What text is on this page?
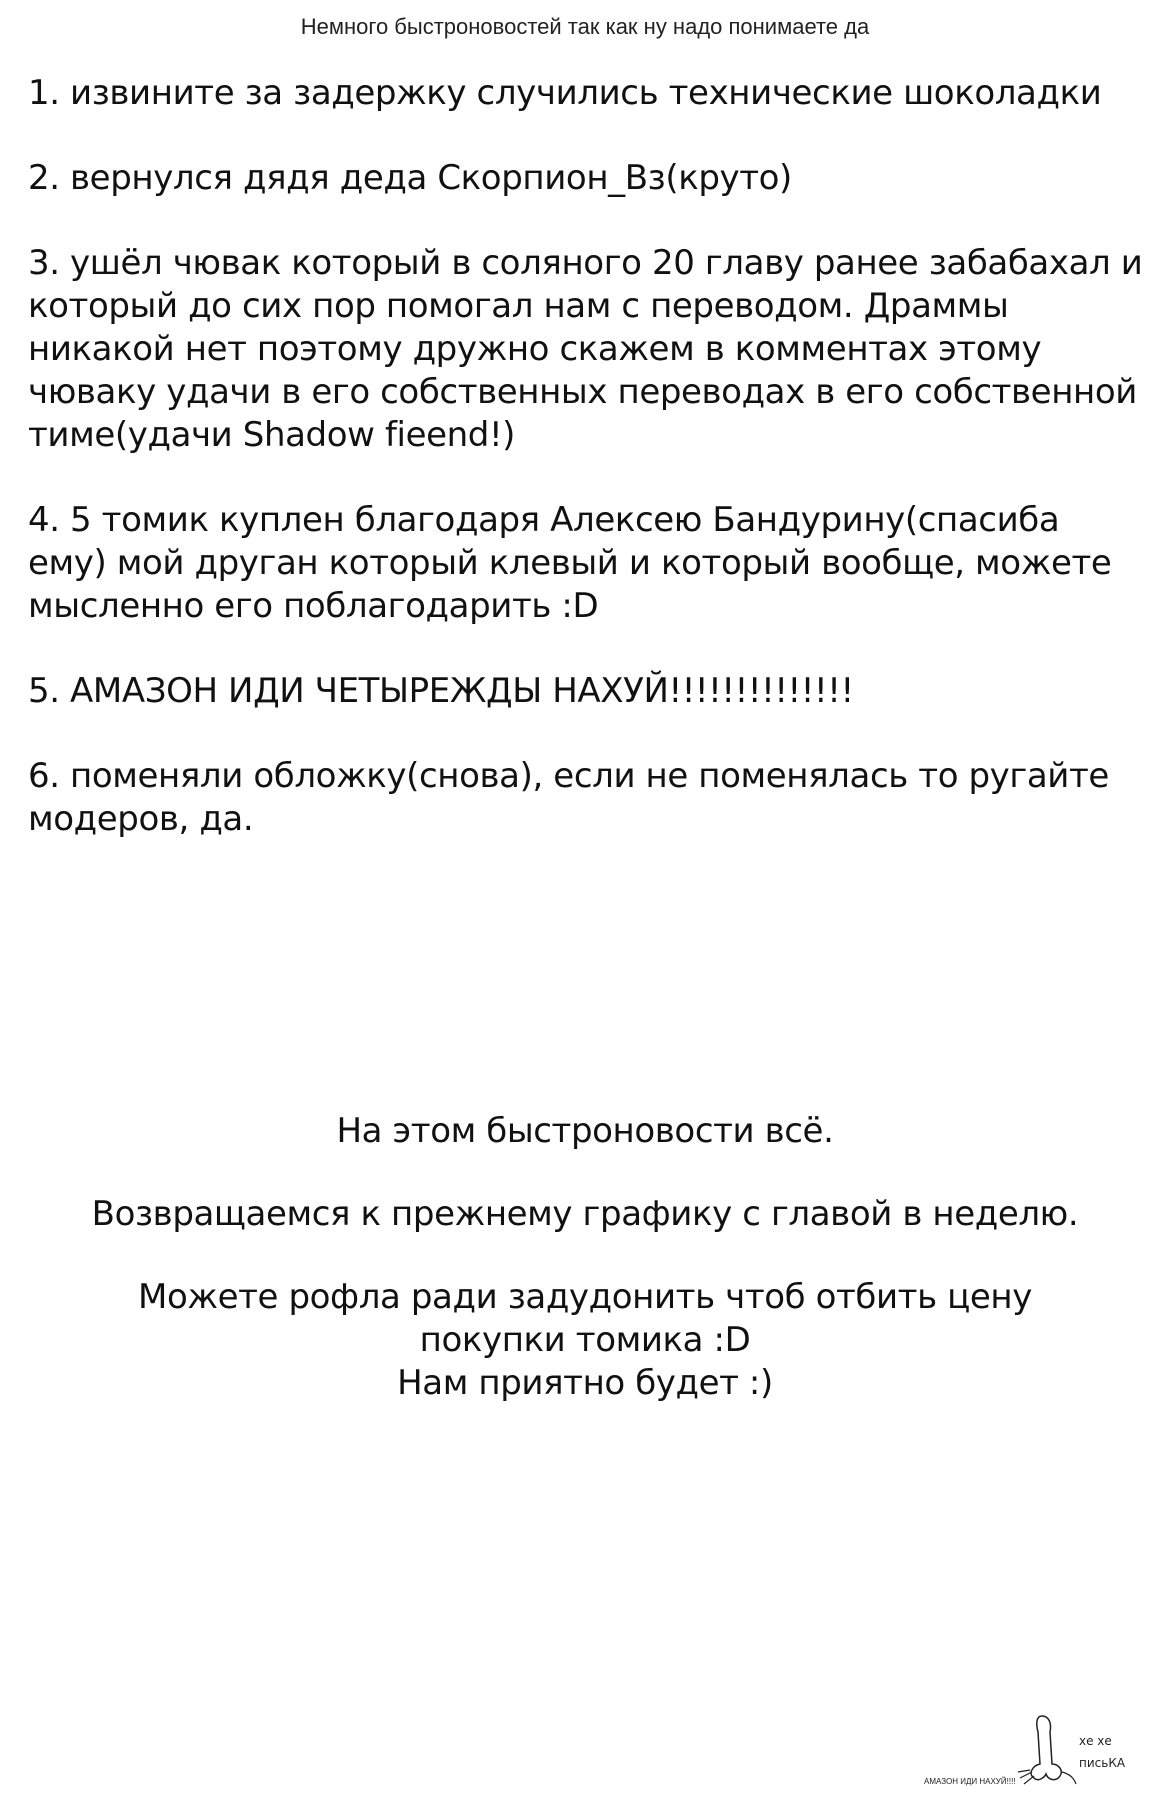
Немного быстроновостей так как ну надо понимаете да
1. извините за задержку случились технические шоколадки
2. вернулся дядя деда Скорпион_Вз(круто)
3. ушёл чювак который в соляного 20 главу ранее забабахал и который до сих пор помогал нам с переводом. Драммы никакой нет поэтому дружно скажем в комментах этому чюваку удачи в его собственных переводах в его собственной тиме(удачи Shadow fieend!)
4. 5 томик куплен благодаря Алексею Бандурину(спасиба ему) мой друган который клевый и который вообще, можете мысленно его поблагодарить :D
5. АМАЗОН ИДИ ЧЕТЫРЕЖДЫ НАХУЙ!!!!!!!!!!!!!!
6. поменяли обложку(снова), если не поменялась то ругайте модеров, да.
На этом быстроновости всё.
Возвращаемся к прежнему графику с главой в неделю.
Можете рофла ради задудонить чтоб отбить цену покупки томика :D
Нам приятно будет :)
АМАЗОН ИДИ НАХУЙ!!!!
хе хе
письКА
